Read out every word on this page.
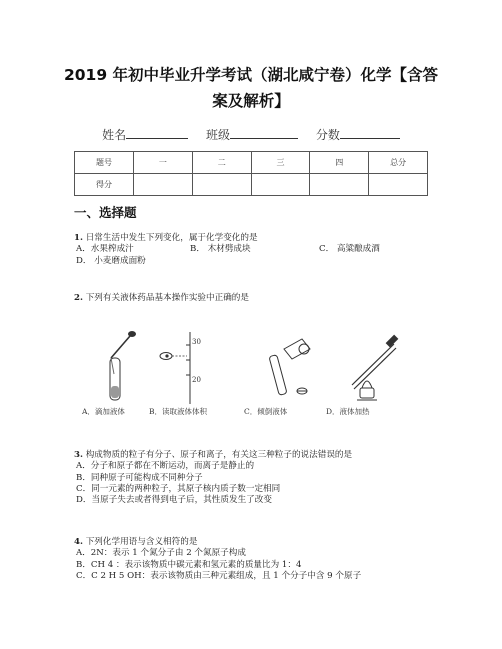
2019 年初中毕业升学考试（湖北咸宁卷）化学【含答
案及解析】
姓名	班级	分数
题号	一	二	三	四	总分
得分					
一、选择题
1. 日常生活中发生下列变化，属于化学变化的是
A．水果榨成汁	B． 木材劈成块	C． 高粱酿成酒
D． 小麦磨成面粉
2. 下列有关液体药品基本操作实验中正确的是
30
20
A．滴加液体	B．读取液体体积	C．倾倒液体	D．液体加热
3. 构成物质的粒子有分子、原子和离子，有关这三种粒子的说法错误的是
A．分子和原子都在不断运动，而离子是静止的
B．同种原子可能构成不同种分子
C．同一元素的两种粒子，其原子核内质子数一定相同
D．当原子失去或者得到电子后，其性质发生了改变
4. 下列化学用语与含义相符的是
A．2N：表示 1 个氮分子由 2 个氮原子构成
B．CH 4 ：表示该物质中碳元素和氢元素的质量比为 1：4
C．C 2 H 5 OH：表示该物质由三种元素组成，且 1 个分子中含 9 个原子
